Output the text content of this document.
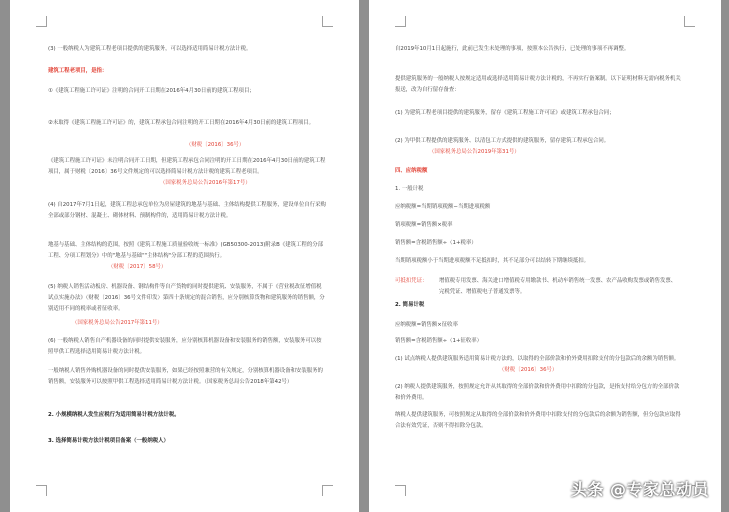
(3) 一般纳税人为建筑工程老项目提供的建筑服务，可以选择适用简易计税方法计税。

建筑工程老项目，是指：

①《建筑工程施工许可证》注明的合同开工日期在2016年4月30日前的建筑工程项目；

②未取得《建筑工程施工许可证》的，建筑工程承包合同注明的开工日期在2016年4月30日前的建筑工程项目。

（财税〔2016〕36号）

《建筑工程施工许可证》未注明合同开工日期，但建筑工程承包合同注明的开工日期在2016年4月30日前的建筑工程项目，属于财税〔2016〕36号文件规定的可以选择简易计税方法计税的建筑工程老项目。

（国家税务总局公告2016年第17号）

(4) 自2017年7月1日起，建筑工程总承包单位为房屋建筑的地基与基础、主体结构提供工程服务，建设单位自行采购全部或部分钢材、混凝土、砌体材料、预制构件的，适用简易计税方法计税。

地基与基础、主体结构的范围，按照《建筑工程施工质量验收统一标准》(GB50300-2013)附录B《建筑工程的分部工程、分项工程划分》中的"地基与基础""主体结构"分部工程的范围执行。

（财税〔2017〕58号）

(5) 纳税人销售活动板房、机器设备、钢结构件等自产货物的同时提供建筑、安装服务，不属于《营业税改征增值税试点实施办法》（财税〔2016〕36号文件印发）第四十条规定的混合销售，应分别核算货物和建筑服务的销售额，分别适用不同的税率或者征收率。

（国家税务总局公告2017年第11号）

(6) 一般纳税人销售自产机器设备的同时提供安装服务，应分别核算机器设备和安装服务的销售额，安装服务可以按照甲供工程选择适用简易计税方法计税。

一般纳税人销售外购机器设备的同时提供安装服务，如果已经按照兼营的有关规定，分别核算机器设备和安装服务的销售额，安装服务可以按照甲供工程选择适用简易计税方法计税。（国家税务总局公告2018年第42号）

2. 小规模纳税人发生应税行为适用简易计税方法计税。

3. 选择简易计税方法计税项目备案（一般纳税人）

自2019年10月1日起施行，此前已发生未处理的事项，按照本公告执行，已处理的事项不再调整。

提供建筑服务的一般纳税人按规定适用或选择适用简易计税方法计税的，不再实行备案制。以下证明材料无需向税务机关报送，改为自行留存备查：

(1) 为建筑工程老项目提供的建筑服务，留存《建筑工程施工许可证》或建筑工程承包合同；

(2) 为甲供工程提供的建筑服务、以清包工方式提供的建筑服务，留存建筑工程承包合同。

（国家税务总局公告2019年第31号）

四、应纳税额

1. 一般计税

应纳税额=当期销项税额−当期进项税额

销项税额=销售额×税率

销售额=含税销售额÷（1+税率）

当期销项税额小于当期进项税额不足抵扣时，其不足部分可以结转下期继续抵扣。

可抵扣凭证：	增值税专用发票、海关进口增值税专用缴款书、机动车销售统一发票、农产品收购发票或销售发票、完税凭证、增值税电子普通发票等。

2. 简易计税

应纳税额=销售额×征收率

销售额=含税销售额÷（1+征收率）

(1) 试点纳税人提供建筑服务适用简易计税方法的，以取得的全部价款和价外费用扣除支付的分包款后的余额为销售额。

（财税〔2016〕36号）

(2) 纳税人提供建筑服务，按照规定允许从其取得的全部价款和价外费用中扣除的分包款，是指支付给分包方的全部价款和价外费用。

纳税人提供建筑服务，可按照规定从取得的全部价款和价外费用中扣除支付的分包款后的余额为销售额，但分包款应取得合法有效凭证，否则不得扣除分包款。

头条 @专家总动员
